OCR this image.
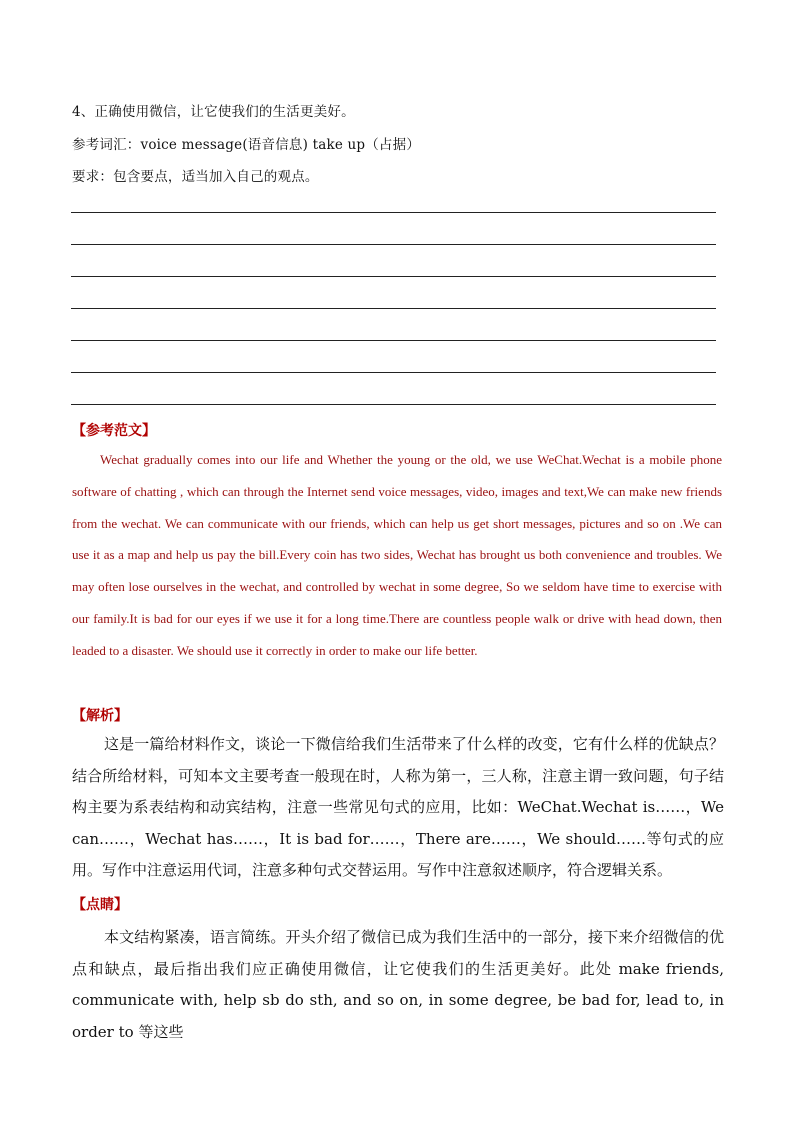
4、正确使用微信，让它使我们的生活更美好。
参考词汇：voice message(语音信息) take up（占据）
要求：包含要点，适当加入自己的观点。
【参考范文】

Wechat gradually comes into our life and Whether the young or the old, we use WeChat.Wechat is a mobile phone software of chatting , which can through the Internet send voice messages, video, images and text,We can make new friends from the wechat. We can communicate with our friends, which can help us get short messages, pictures and so on .We can use it as a map and help us pay the bill.Every coin has two sides, Wechat has brought us both convenience and troubles. We may often lose ourselves in the wechat, and controlled by wechat in some degree, So we seldom have time to exercise with our family.It is bad for our eyes if we use it for a long time.There are countless people walk or drive with head down, then leaded to a disaster. We should use it correctly in order to make our life better.

【解析】

这是一篇给材料作文，谈论一下微信给我们生活带来了什么样的改变，它有什么样的优缺点？结合所给材料，可知本文主要考查一般现在时，人称为第一，三人称，注意主谓一致问题，句子结构主要为系表结构和动宾结构，注意一些常见句式的应用，比如：WeChat.Wechat is……，We can……，Wechat has……，It is bad for……，There are……，We should……等句式的应用。写作中注意运用代词，注意多种句式交替运用。写作中注意叙述顺序，符合逻辑关系。

【点睛】

本文结构紧凑，语言简练。开头介绍了微信已成为我们生活中的一部分，接下来介绍微信的优点和缺点，最后指出我们应正确使用微信，让它使我们的生活更美好。此处 make friends, communicate with, help sb do sth, and so on, in some degree, be bad for, lead to, in order to 等这些
